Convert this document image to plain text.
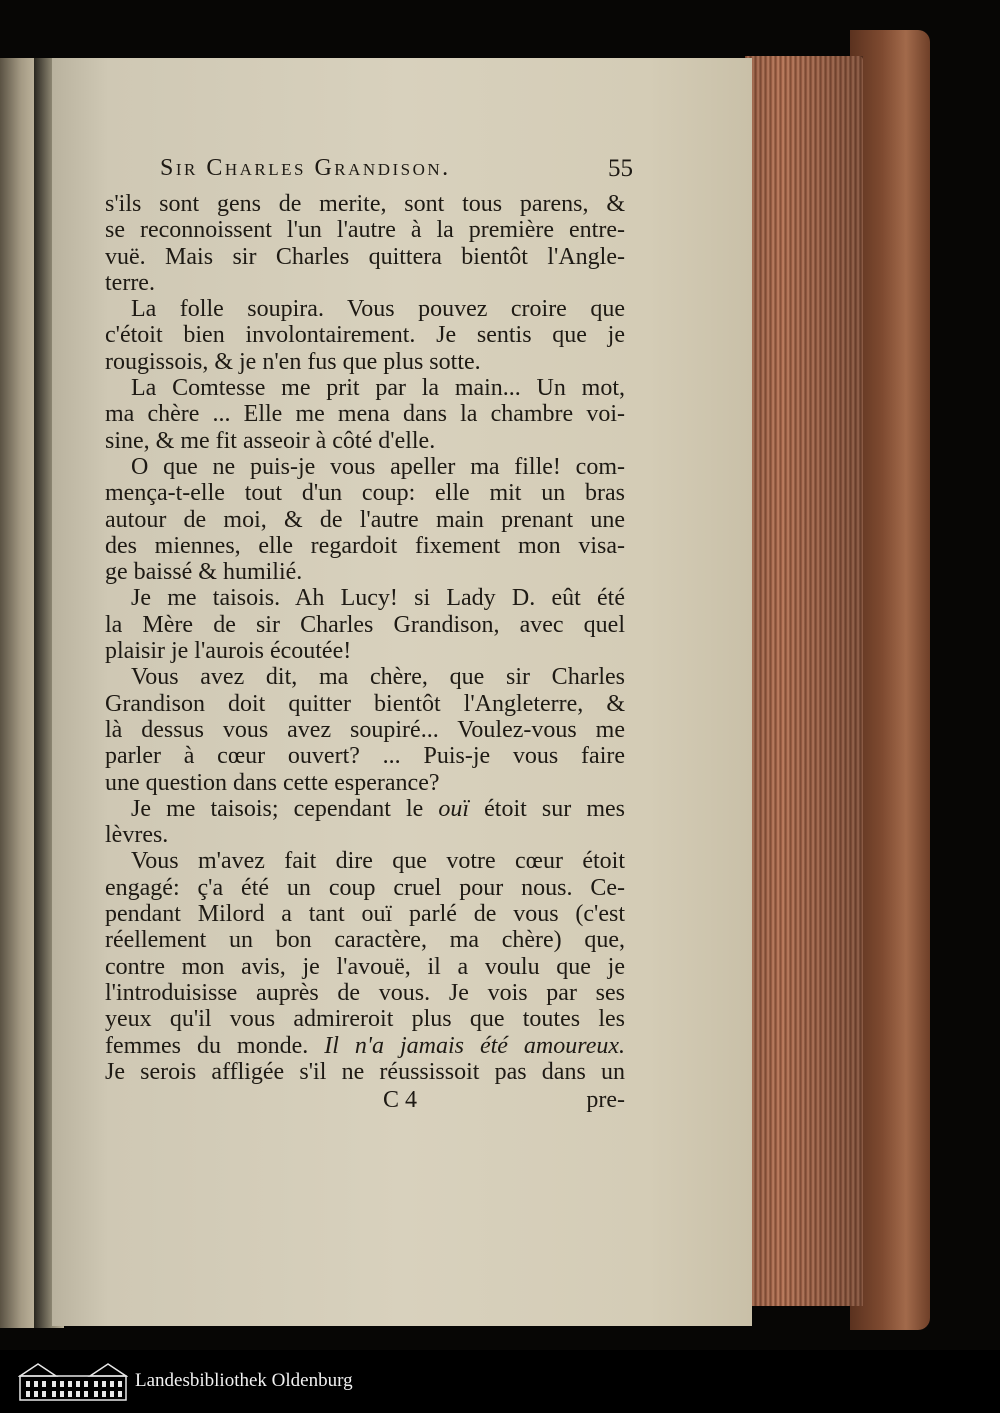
Sir Charles Grandison.	55
s'ils sont gens de merite, sont tous parens, &
se reconnoissent l'un l'autre à la première entre-
vuë. Mais sir Charles quittera bientôt l'Angle-
terre.
La folle soupira. Vous pouvez croire que
c'étoit bien involontairement. Je sentis que je
rougissois, & je n'en fus que plus sotte.
La Comtesse me prit par la main... Un mot,
ma chère ... Elle me mena dans la chambre voi-
sine, & me fit asseoir à côté d'elle.
O que ne puis-je vous apeller ma fille! com-
mença-t-elle tout d'un coup: elle mit un bras
autour de moi, & de l'autre main prenant une
des miennes, elle regardoit fixement mon visa-
ge baissé & humilié.
Je me taisois. Ah Lucy! si Lady D. eût été
la Mère de sir Charles Grandison, avec quel
plaisir je l'aurois écoutée!
Vous avez dit, ma chère, que sir Charles
Grandison doit quitter bientôt l'Angleterre, &
là dessus vous avez soupiré... Voulez-vous me
parler à cœur ouvert? ... Puis-je vous faire
une question dans cette esperance?
Je me taisois; cependant le ouï étoit sur mes
lèvres.
Vous m'avez fait dire que votre cœur étoit
engagé: ç'a été un coup cruel pour nous. Ce-
pendant Milord a tant ouï parlé de vous (c'est
réellement un bon caractère, ma chère) que,
contre mon avis, je l'avouë, il a voulu que je
l'introduisisse auprès de vous. Je vois par ses
yeux qu'il vous admireroit plus que toutes les
femmes du monde. Il n'a jamais été amoureux.
Je serois affligée s'il ne réussissoit pas dans un
C 4	pre-
Landesbibliothek Oldenburg
